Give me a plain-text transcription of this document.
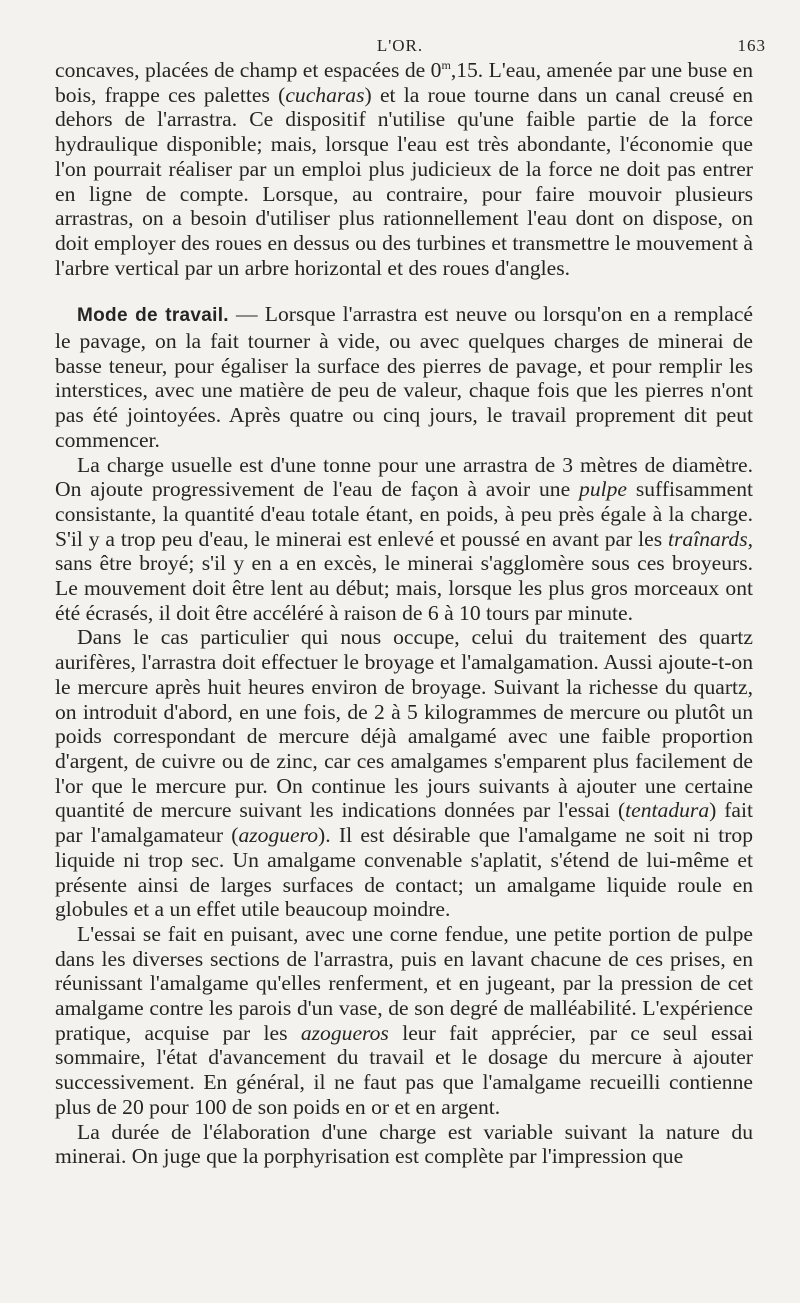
L'OR.	163

concaves, placées de champ et espacées de 0$^m$,15. L'eau, amenée par une buse en bois, frappe ces palettes (cucharas) et la roue tourne dans un canal creusé en dehors de l'arrastra. Ce dispositif n'utilise qu'une faible partie de la force hydraulique disponible; mais, lorsque l'eau est très abondante, l'économie que l'on pourrait réaliser par un emploi plus judicieux de la force ne doit pas entrer en ligne de compte. Lorsque, au contraire, pour faire mouvoir plusieurs arrastras, on a besoin d'utiliser plus rationnellement l'eau dont on dispose, on doit employer des roues en dessus ou des turbines et transmettre le mouvement à l'arbre vertical par un arbre horizontal et des roues d'angles.

Mode de travail. — Lorsque l'arrastra est neuve ou lorsqu'on en a remplacé le pavage, on la fait tourner à vide, ou avec quelques charges de minerai de basse teneur, pour égaliser la surface des pierres de pavage, et pour remplir les interstices, avec une matière de peu de valeur, chaque fois que les pierres n'ont pas été jointoyées. Après quatre ou cinq jours, le travail proprement dit peut commencer.

La charge usuelle est d'une tonne pour une arrastra de 3 mètres de diamètre. On ajoute progressivement de l'eau de façon à avoir une pulpe suffisamment consistante, la quantité d'eau totale étant, en poids, à peu près égale à la charge. S'il y a trop peu d'eau, le minerai est enlevé et poussé en avant par les traînards, sans être broyé; s'il y en a en excès, le minerai s'agglomère sous ces broyeurs. Le mouvement doit être lent au début; mais, lorsque les plus gros morceaux ont été écrasés, il doit être accéléré à raison de 6 à 10 tours par minute.

Dans le cas particulier qui nous occupe, celui du traitement des quartz aurifères, l'arrastra doit effectuer le broyage et l'amalgamation. Aussi ajoute-t-on le mercure après huit heures environ de broyage. Suivant la richesse du quartz, on introduit d'abord, en une fois, de 2 à 5 kilogrammes de mercure ou plutôt un poids correspondant de mercure déjà amalgamé avec une faible proportion d'argent, de cuivre ou de zinc, car ces amalgames s'emparent plus facilement de l'or que le mercure pur. On continue les jours suivants à ajouter une certaine quantité de mercure suivant les indications données par l'essai (tentadura) fait par l'amalgamateur (azoguero). Il est désirable que l'amalgame ne soit ni trop liquide ni trop sec. Un amalgame convenable s'aplatit, s'étend de lui-même et présente ainsi de larges surfaces de contact; un amalgame liquide roule en globules et a un effet utile beaucoup moindre.

L'essai se fait en puisant, avec une corne fendue, une petite portion de pulpe dans les diverses sections de l'arrastra, puis en lavant chacune de ces prises, en réunissant l'amalgame qu'elles renferment, et en jugeant, par la pression de cet amalgame contre les parois d'un vase, de son degré de malléabilité. L'expérience pratique, acquise par les azogueros leur fait apprécier, par ce seul essai sommaire, l'état d'avancement du travail et le dosage du mercure à ajouter successivement. En général, il ne faut pas que l'amalgame recueilli contienne plus de 20 pour 100 de son poids en or et en argent.

La durée de l'élaboration d'une charge est variable suivant la nature du minerai. On juge que la porphyrisation est complète par l'impression que
